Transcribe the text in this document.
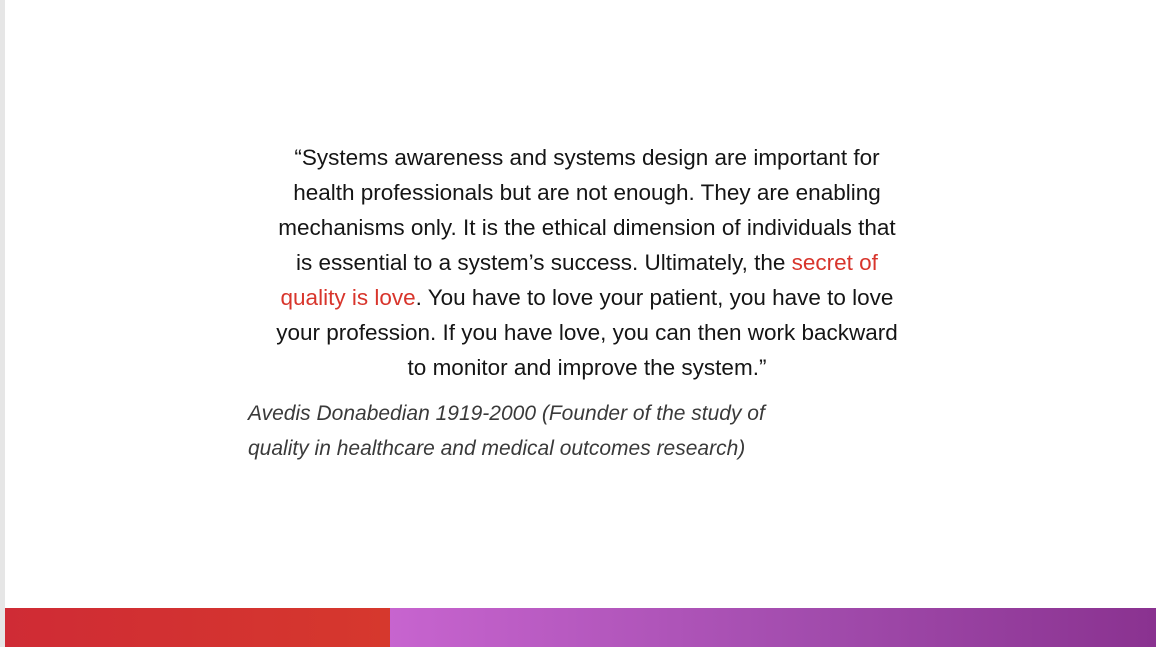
“Systems awareness and systems design are important for
health professionals but are not enough. They are enabling
mechanisms only. It is the ethical dimension of individuals that
is essential to a system’s success. Ultimately, the secret of
quality is love. You have to love your patient, you have to love
your profession. If you have love, you can then work backward
to monitor and improve the system.”

Avedis Donabedian 1919-2000 (Founder of the study of
quality in healthcare and medical outcomes research)
